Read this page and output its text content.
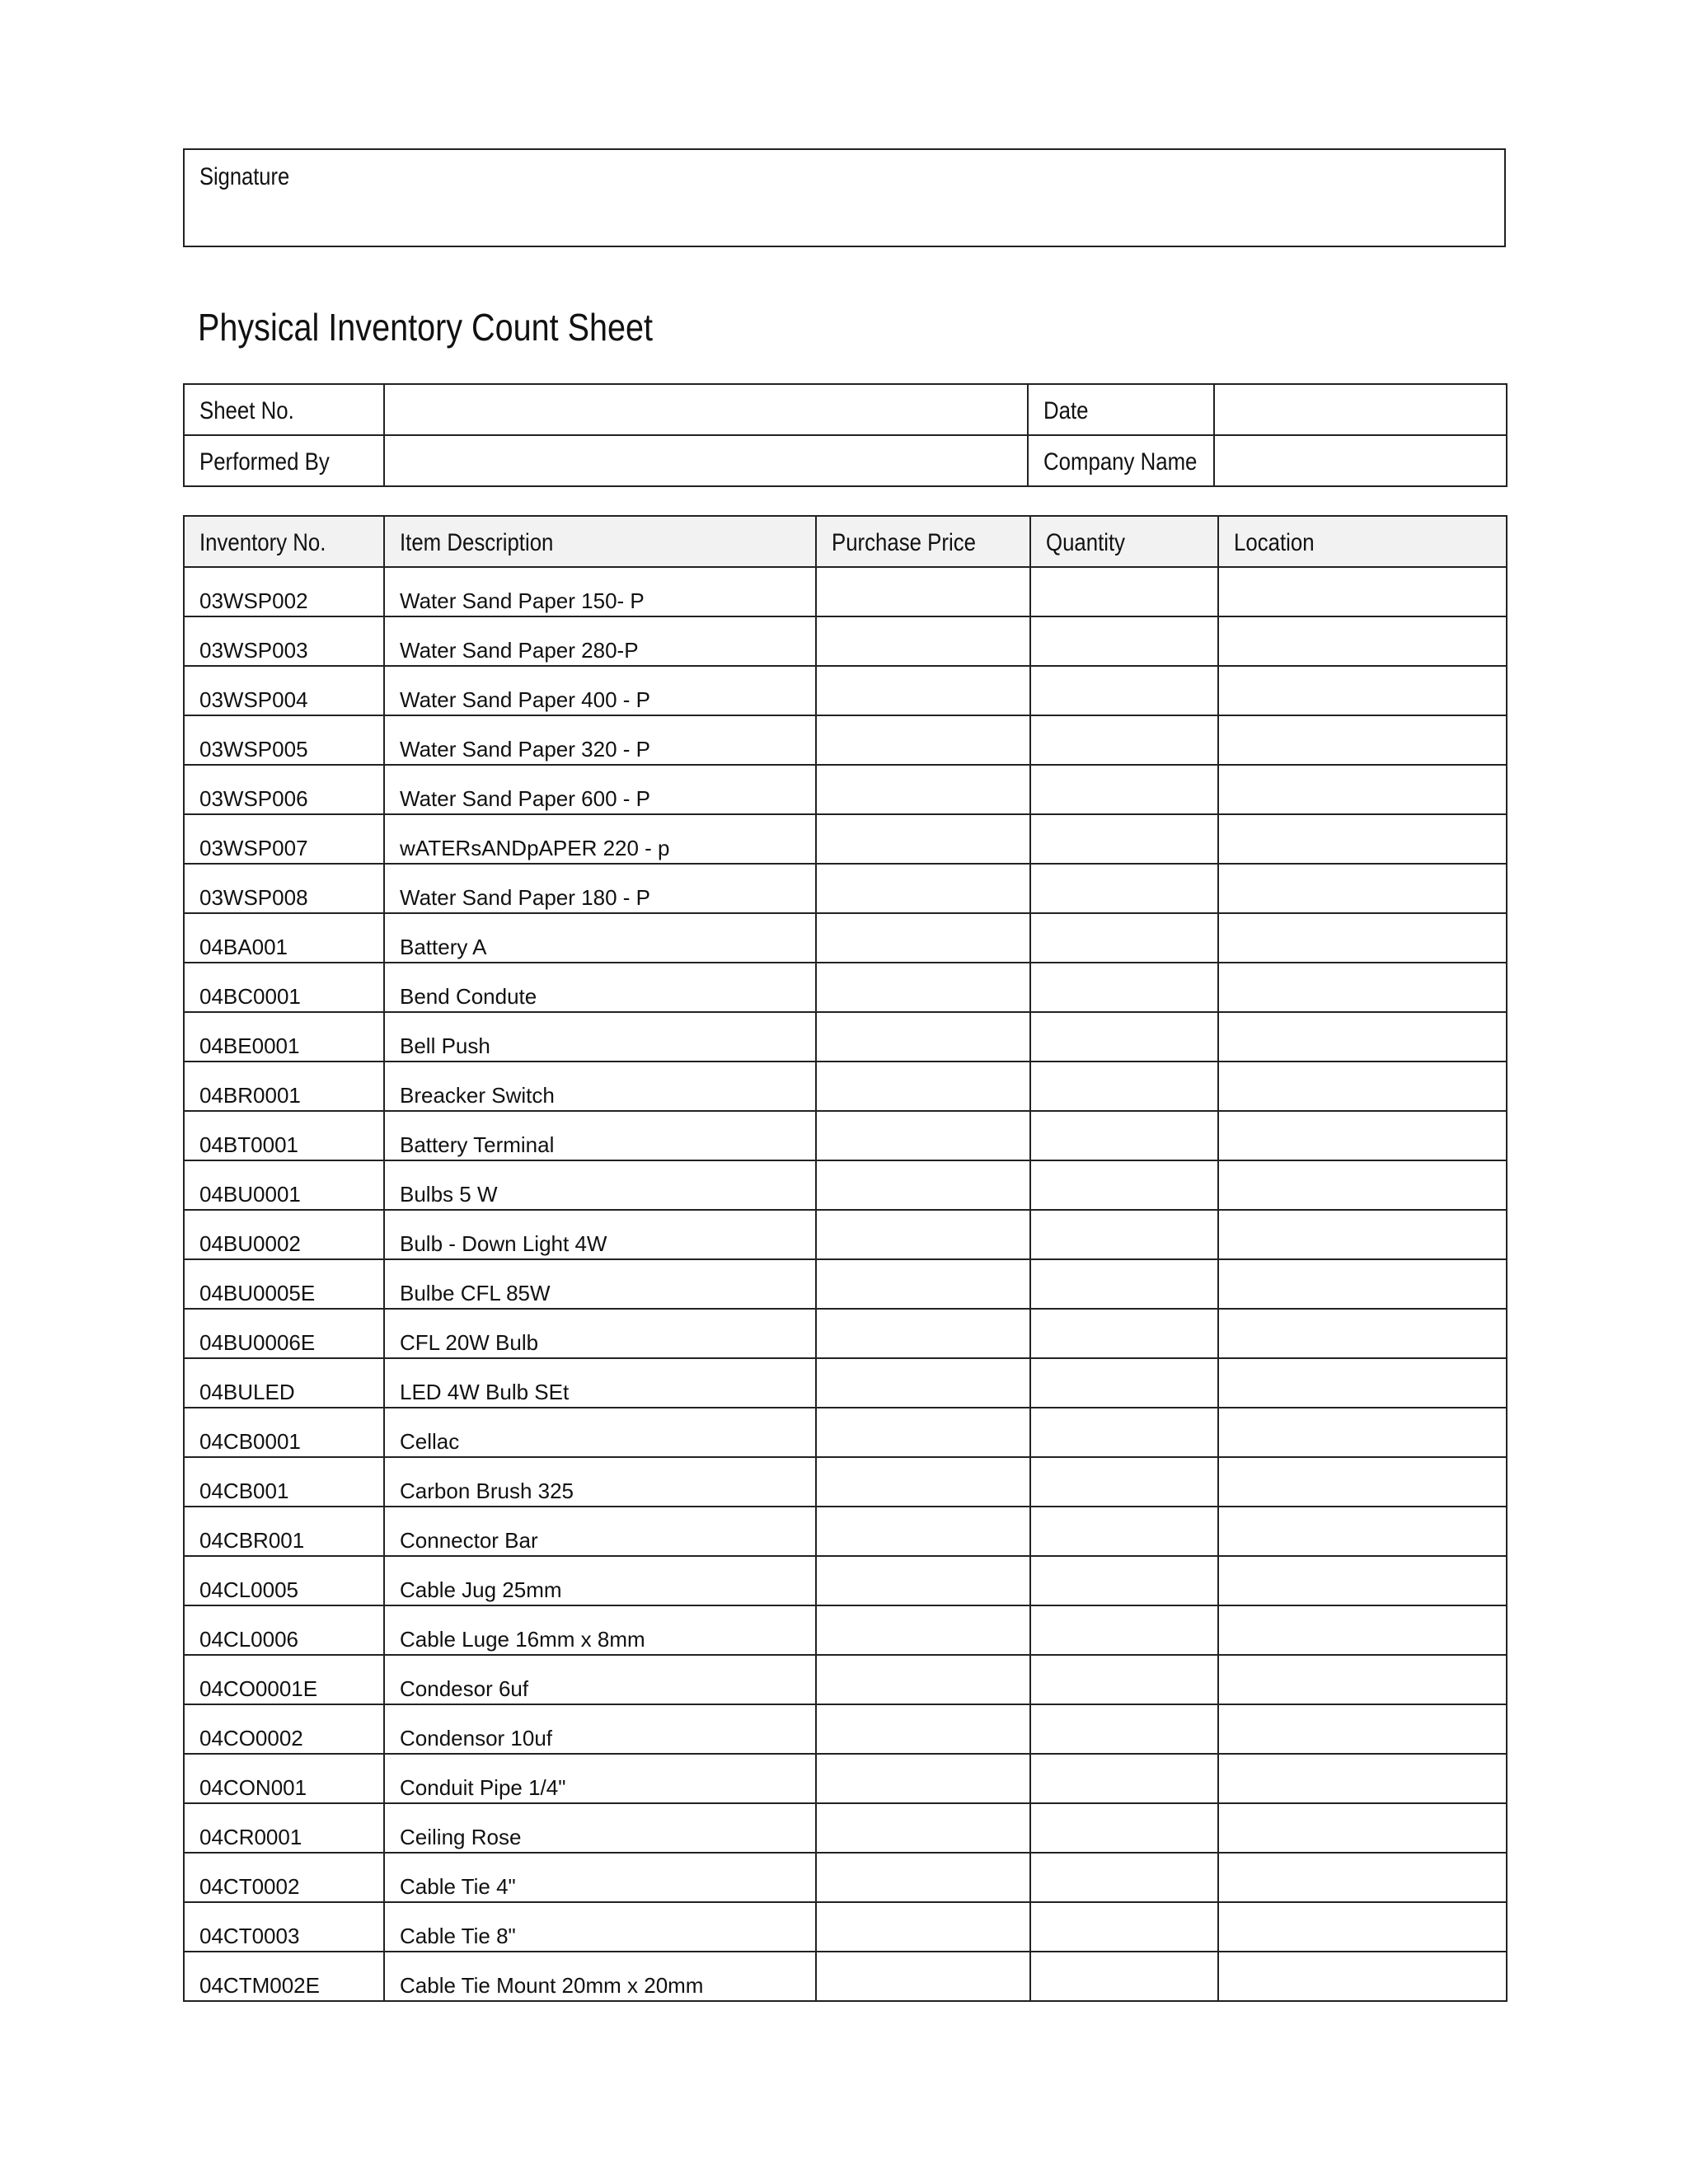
Signature
Physical Inventory Count Sheet
Sheet No.		Date	
Performed By		Company Name	
Inventory No.	Item Description	Purchase Price	Quantity	Location
03WSP002	Water Sand Paper 150- P			
03WSP003	Water Sand Paper 280-P			
03WSP004	Water Sand Paper 400 - P			
03WSP005	Water Sand Paper 320 - P			
03WSP006	Water Sand Paper 600 - P			
03WSP007	wATERsANDpAPER 220 - p			
03WSP008	Water Sand Paper 180 - P			
04BA001	Battery A			
04BC0001	Bend Condute			
04BE0001	Bell Push			
04BR0001	Breacker Switch			
04BT0001	Battery Terminal			
04BU0001	Bulbs 5 W			
04BU0002	Bulb - Down Light 4W			
04BU0005E	Bulbe CFL 85W			
04BU0006E	CFL 20W Bulb			
04BULED	LED 4W Bulb SEt			
04CB0001	Cellac			
04CB001	Carbon Brush 325			
04CBR001	Connector Bar			
04CL0005	Cable Jug 25mm			
04CL0006	Cable Luge 16mm x 8mm			
04CO0001E	Condesor 6uf			
04CO0002	Condensor 10uf			
04CON001	Conduit Pipe 1/4"			
04CR0001	Ceiling Rose			
04CT0002	Cable Tie 4"			
04CT0003	Cable Tie 8"			
04CTM002E	Cable Tie Mount 20mm x 20mm			
